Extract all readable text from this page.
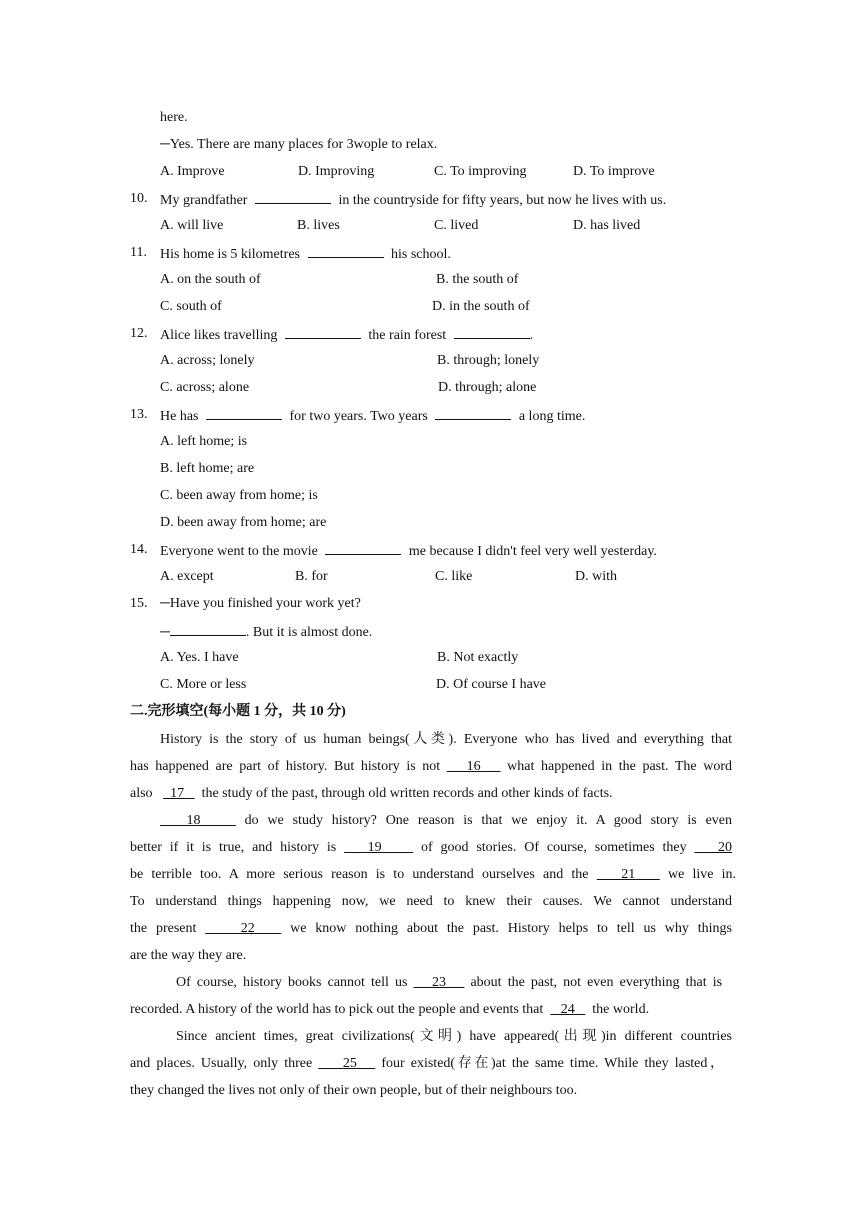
here.
─Yes. There are many places for 3wople to relax.
A. Improve	D. Improving	C. To improving	D. To improve
10. My grandfather	in the countryside for fifty years, but now he lives with us.
A. will live	B. lives	C. lived	D. has lived
11. His home is 5 kilometres	his school.
A. on the south of	B. the south of
C. south of	D. in the south of
12. Alice likes travelling	the rain forest	.
A. across; lonely	B. through; lonely
C. across; alone	D. through; alone
13. He has	for two years. Two years	a long time.
A. left home; is
B. left home; are
C. been away from home; is
D. been away from home; are
14. Everyone went to the movie	me because I didn't feel very well yesterday.
A. except	B. for	C. like	D. with
15. ─Have you finished your work yet?
─	. But it is almost done.
A. Yes. I have	B. Not exactly
C. More or less	D. Of course I have
二.完形填空(每小题 1 分，共 10 分)
History is the story of us human beings(人类). Everyone who has lived and everything that
has happened are part of history. But history is not 16 what happened in the past. The word
also 17 the study of the past, through old written records and other kinds of facts.
18	do we study history? One reason is that we enjoy it. A good story is even
better if it is true, and history is 19	of good stories. Of course, sometimes they 20
be terrible too. A more serious reason is to understand ourselves and the 21 we live in.
To understand things happening now, we need to knew their causes. We cannot understand
the present	22	we know nothing about the past. History helps to tell us why things
are the way they are.
Of course, history books cannot tell us 23 about the past, not even everything that is
recorded. A history of the world has to pick out the people and events that 24 the world.
Since ancient times, great civilizations(文明) have appeared(出现)in different countries
and places. Usually, only three 25 four existed(存在)at the same time. While they lasted，
they changed the lives not only of their own people, but of their neighbours too.
